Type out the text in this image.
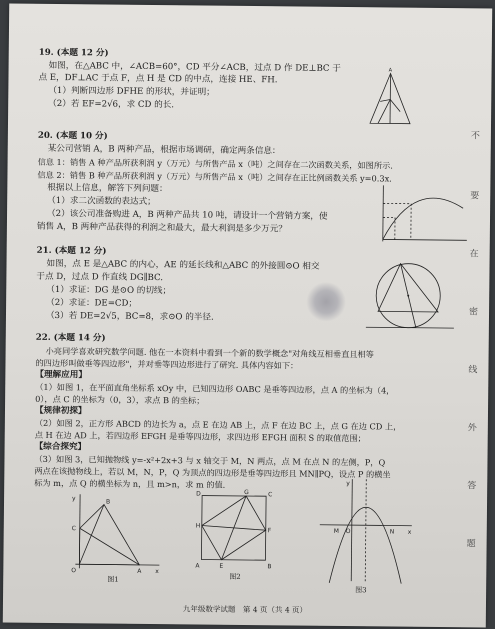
19. (本题 12 分)
如图，在△ABC 中，∠ACB=60°，CD 平分∠ACB，过点 D 作 DE⊥BC 于
点 E，DF⊥AC 于点 F，点 H 是 CD 的中点，连接 HE、FH.
（1）判断四边形 DFHE 的形状，并证明；
（2）若 EF=2√6，求 CD 的长.
A
20. (本题 10 分)
某公司营销 A，B 两种产品，根据市场调研，确定两条信息：
信息 1：销售 A 种产品所获利润 y（万元）与所售产品 x（吨）之间存在二次函数关系，如图所示.
信息 2：销售 B 种产品所获利润 y（万元）与所售产品 x（吨）之间存在正比例函数关系 y=0.3x.
根据以上信息，解答下列问题：
（1）求二次函数的表达式；
（2）该公司准备购进 A，B 两种产品共 10 吨，请设计一个营销方案，使
销售 A，B 两种产品获得的利润之和最大，最大利润是多少万元？
21. (本题 12 分)
如图，点 E 是△ABC 的内心，AE 的延长线和△ABC 的外接圆⊙O 相交
于点 D，过点 D 作直线 DG∥BC.
（1）求证：DG 是⊙O 的切线；
（2）求证：DE=CD；
（3）若 DE=2√5，BC=8，求⊙O 的半径.
22. (本题 14 分)
小亮同学喜欢研究数学问题. 他在一本资料中看到一个新的数学概念"对角线互相垂直且相等
的四边形叫做垂等四边形"，并对垂等四边形进行了研究. 具体内容如下：
【理解应用】
（1）如图 1，在平面直角坐标系 xOy 中，已知四边形 OABC 是垂等四边形，点 A 的坐标为（4，
0），点 C 的坐标为（0，3），求点 B 的坐标；
【规律初探】
（2）如图 2，正方形 ABCD 的边长为 a，点 E 在边 AB 上，点 F 在边 BC 上，点 G 在边 CD 上，
点 H 在边 AD 上，若四边形 EFGH 是垂等四边形，求四边形 EFGH 面积 S 的取值范围；
【综合探究】
（3）如图 3，已知抛物线 y=-x²+2x+3 与 x 轴交于 M，N 两点，点 M 在点 N 的左侧，P，Q
两点在该抛物线上，若以 M，N，P，Q 为顶点的四边形是垂等四边形且 MN∥PQ，设点 P 的横坐
标为 m，点 Q 的横坐标为 n，且 m>n，求 m 的值.
y
O	A
C
B
x
图1
D	G	C
F
H
A	E	B
图2
y
M O	N x
图3
九年级数学试题　第 4 页（共 4 页）
不
要
在
密
线
外
答
题
